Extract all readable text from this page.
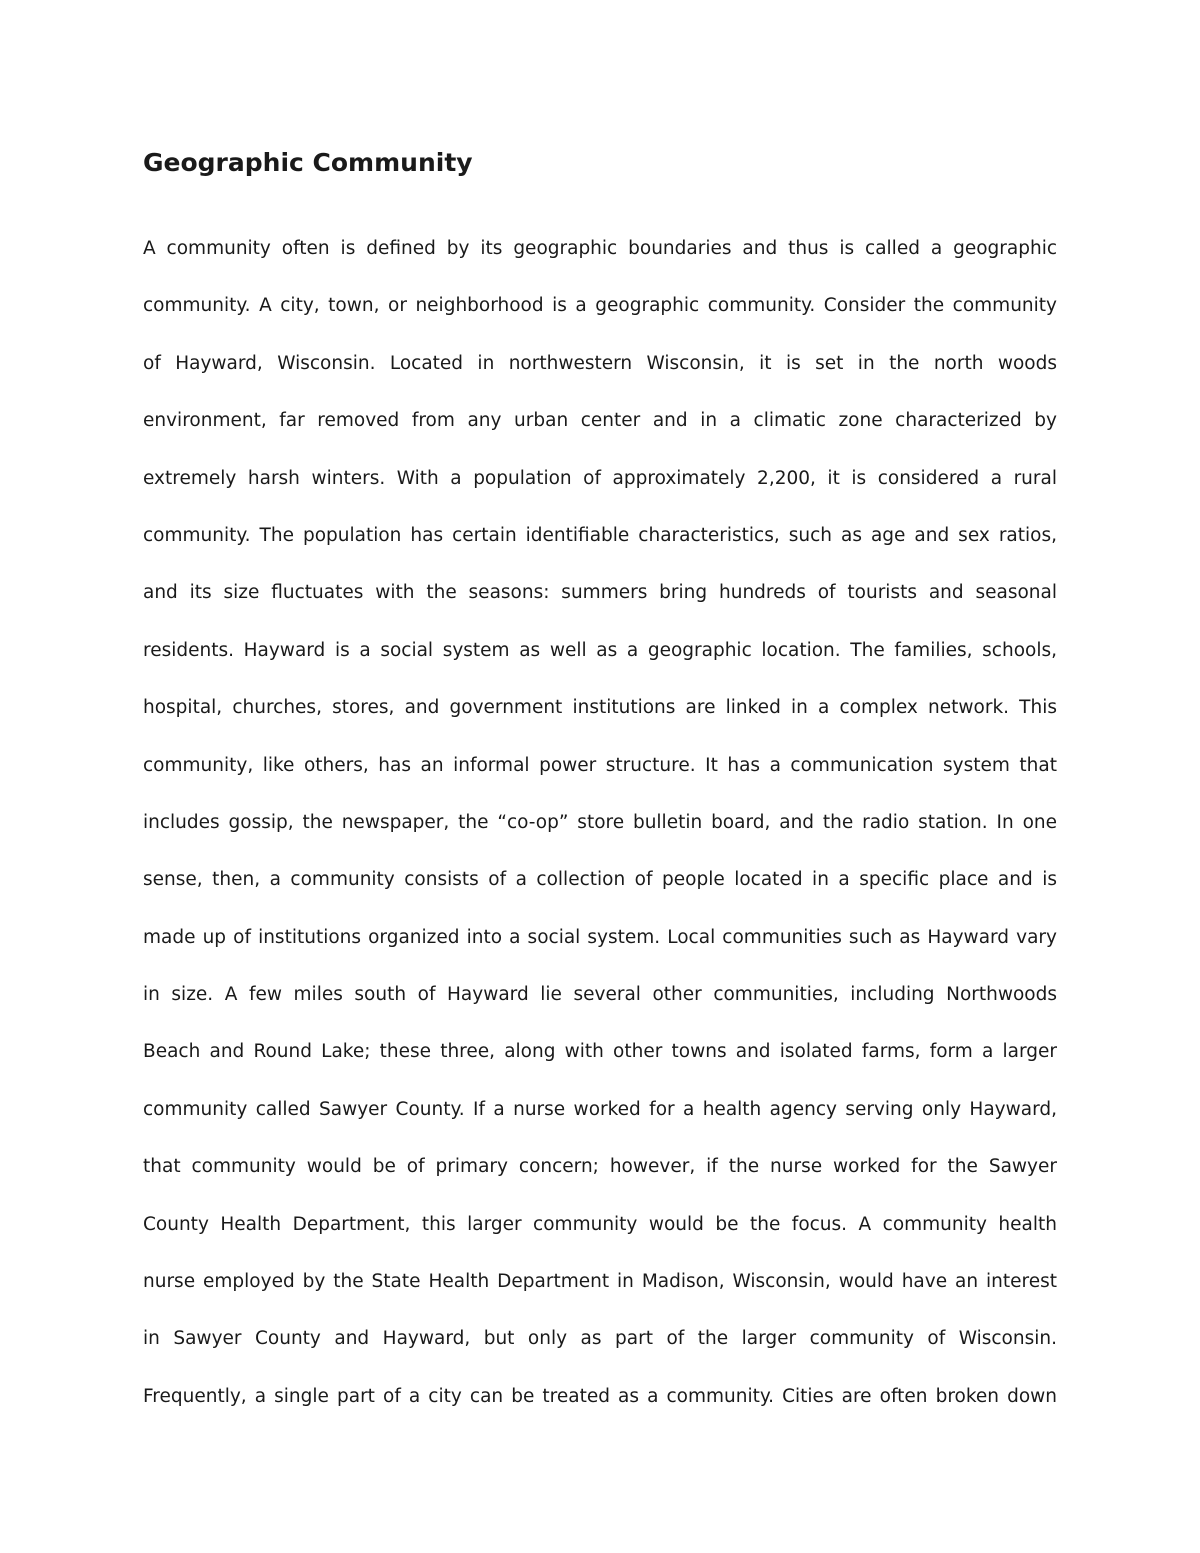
Geographic Community
A community often is defined by its geographic boundaries and thus is called a geographic
community. A city, town, or neighborhood is a geographic community. Consider the community
of Hayward, Wisconsin. Located in northwestern Wisconsin, it is set in the north woods
environment, far removed from any urban center and in a climatic zone characterized by
extremely harsh winters. With a population of approximately 2,200, it is considered a rural
community. The population has certain identifiable characteristics, such as age and sex ratios,
and its size fluctuates with the seasons: summers bring hundreds of tourists and seasonal
residents. Hayward is a social system as well as a geographic location. The families, schools,
hospital, churches, stores, and government institutions are linked in a complex network. This
community, like others, has an informal power structure. It has a communication system that
includes gossip, the newspaper, the “co-op” store bulletin board, and the radio station. In one
sense, then, a community consists of a collection of people located in a specific place and is
made up of institutions organized into a social system. Local communities such as Hayward vary
in size. A few miles south of Hayward lie several other communities, including Northwoods
Beach and Round Lake; these three, along with other towns and isolated farms, form a larger
community called Sawyer County. If a nurse worked for a health agency serving only Hayward,
that community would be of primary concern; however, if the nurse worked for the Sawyer
County Health Department, this larger community would be the focus. A community health
nurse employed by the State Health Department in Madison, Wisconsin, would have an interest
in Sawyer County and Hayward, but only as part of the larger community of Wisconsin.
Frequently, a single part of a city can be treated as a community. Cities are often broken down
